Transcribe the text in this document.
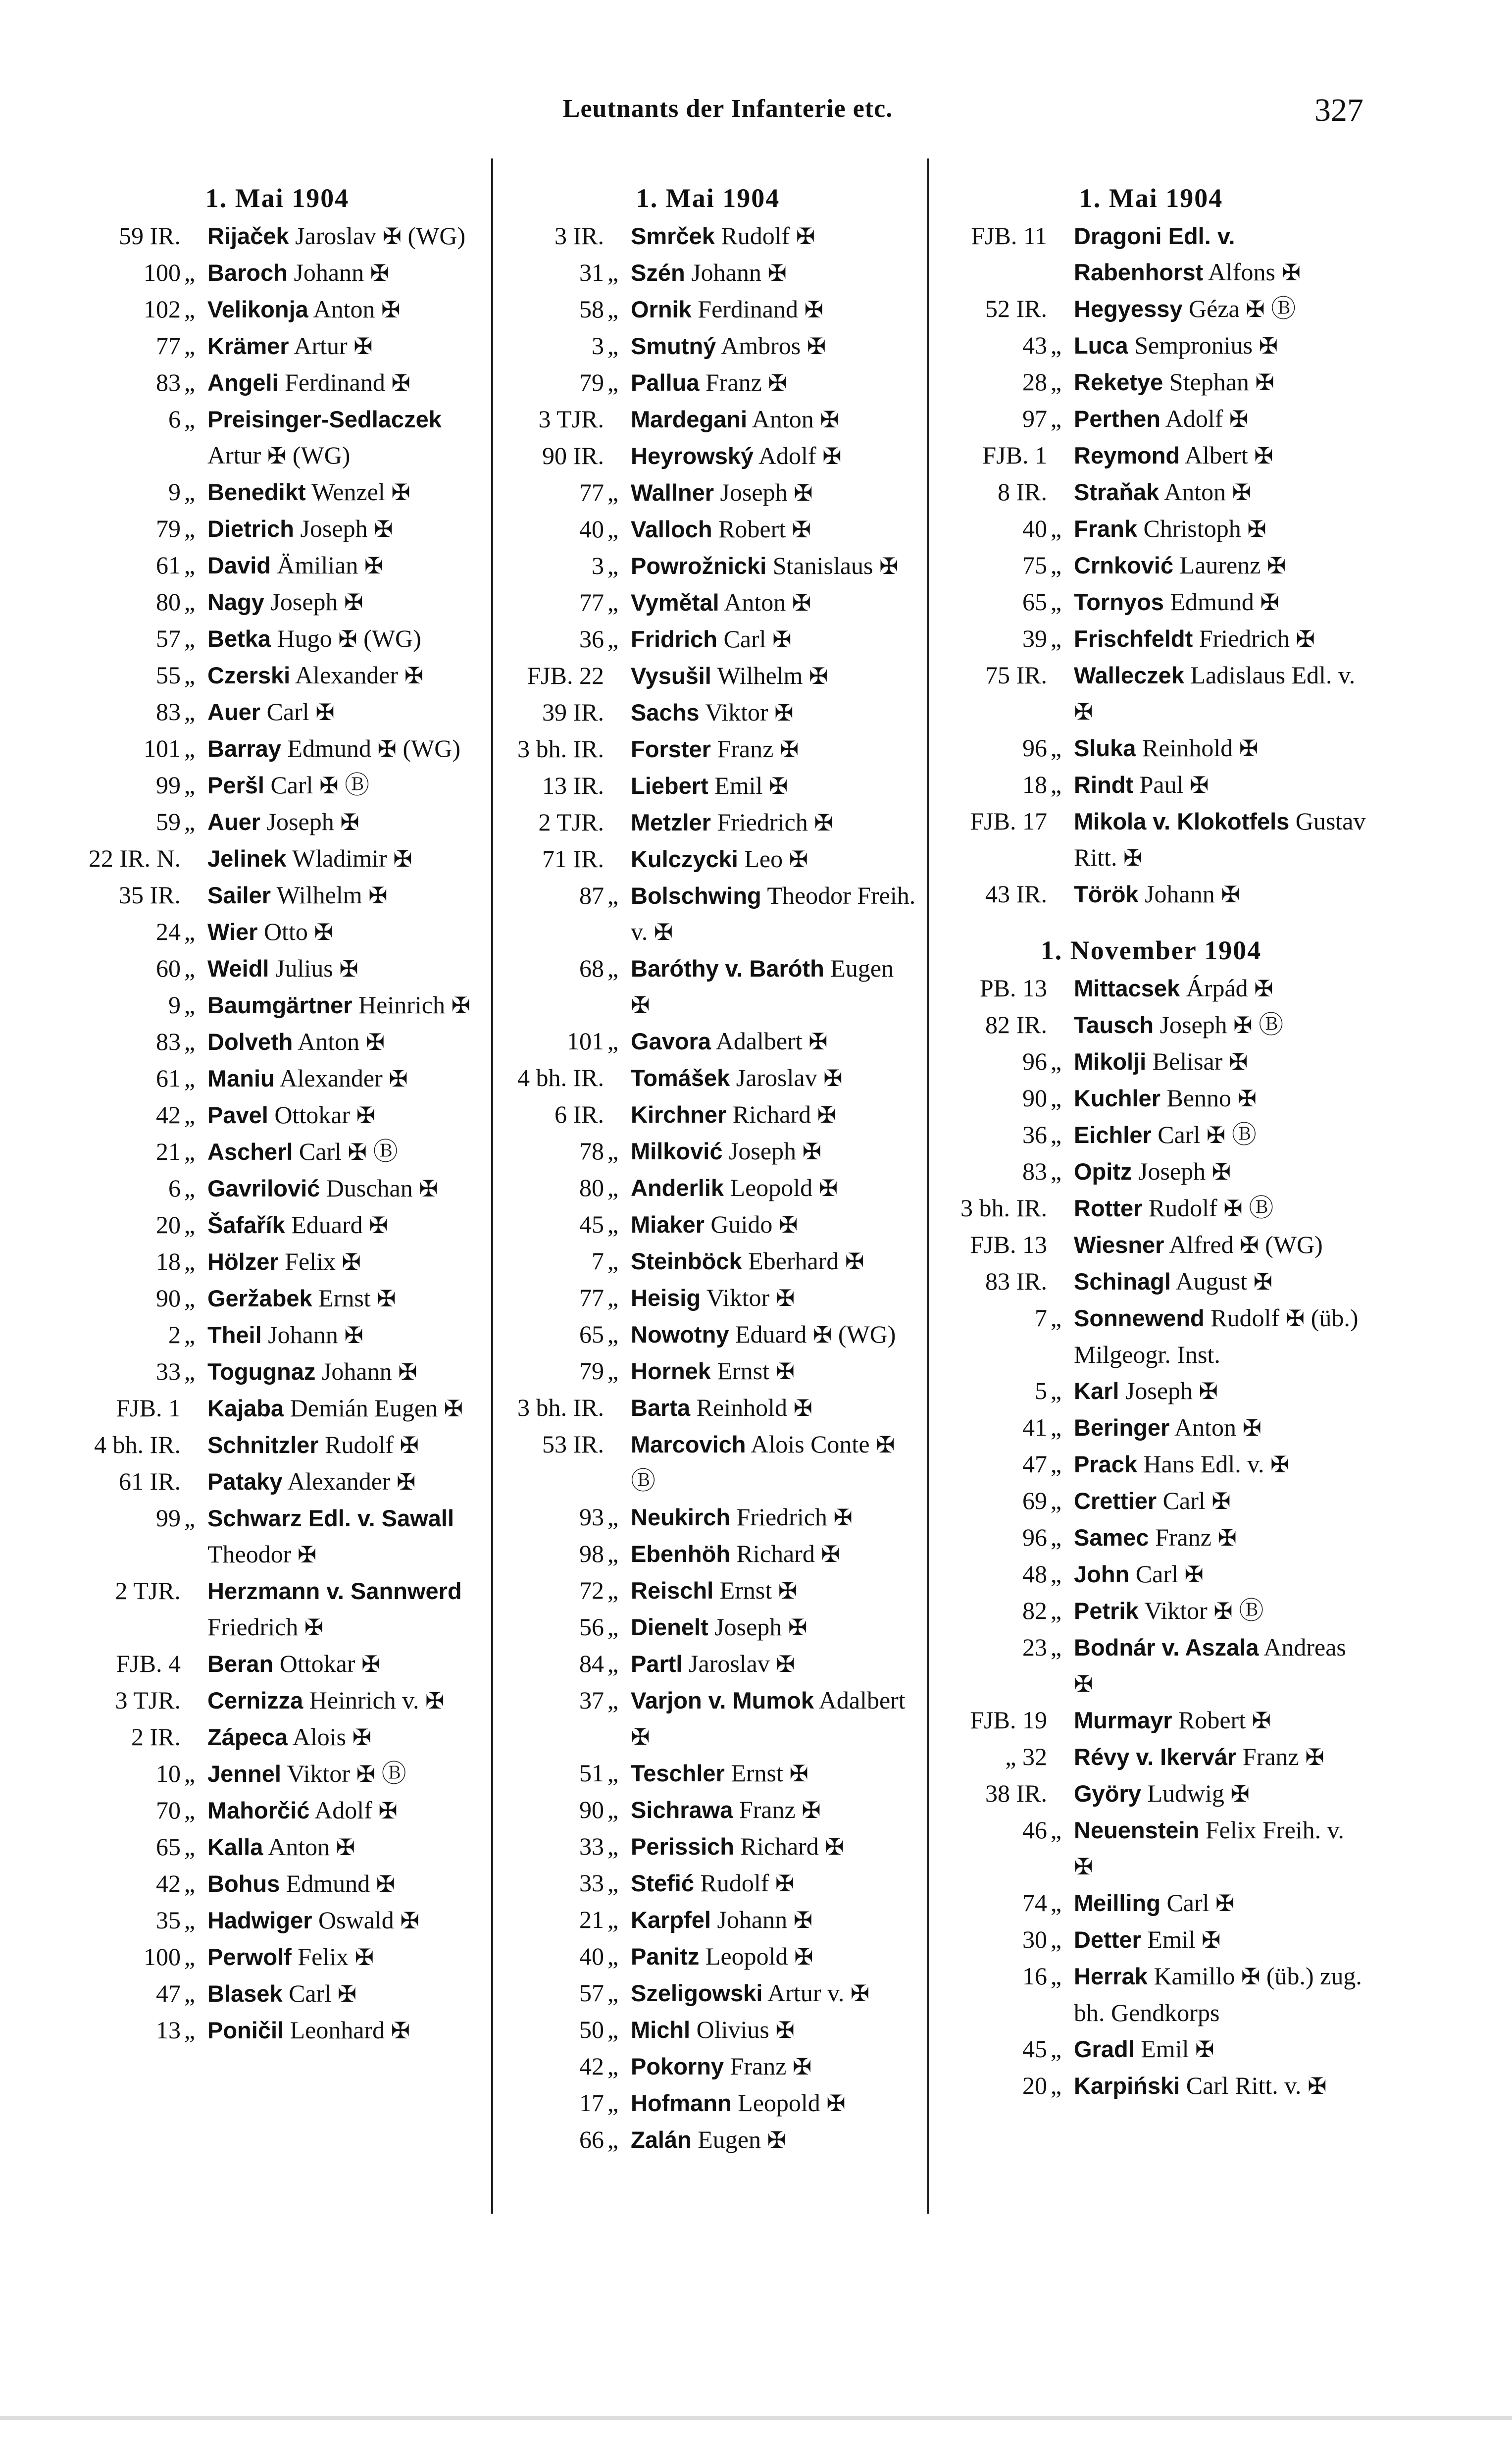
Leutnants der Infanterie etc.	327
1. Mai 1904
59 IR.	Rijaček Jaroslav ✠ (WG)
100 „ Baroch Johann ✠
102 „ Velikonja Anton ✠
77 „ Krämer Artur ✠
83 „ Angeli Ferdinand ✠
6 „ Preisinger-Sedlaczek Artur ✠ (WG)
9 „ Benedikt Wenzel ✠
79 „ Dietrich Joseph ✠
61 „ David Ämilian ✠
80 „ Nagy Joseph ✠
57 „ Betka Hugo ✠ (WG)
55 „ Czerski Alexander ✠
83 „ Auer Carl ✠
101 „ Barray Edmund ✠ (WG)
99 „ Peršl Carl ✠ Ⓑ
59 „ Auer Joseph ✠
22 IR. N.	Jelinek Wladimir ✠
35 IR.	Sailer Wilhelm ✠
24 „ Wier Otto ✠
60 „ Weidl Julius ✠
9 „ Baumgärtner Heinrich ✠
83 „ Dolveth Anton ✠
61 „ Maniu Alexander ✠
42 „ Pavel Ottokar ✠
21 „ Ascherl Carl ✠ Ⓑ
6 „ Gavrilović Duschan ✠
20 „ Šafařík Eduard ✠
18 „ Hölzer Felix ✠
90 „ Geržabek Ernst ✠
2 „ Theil Johann ✠
33 „ Togugnaz Johann ✠
FJB. 1	Kajaba Demián Eugen ✠
4 bh. IR.	Schnitzler Rudolf ✠
61 IR.	Pataky Alexander ✠
99 „ Schwarz Edl. v. Sawall Theodor ✠
2 TJR.	Herzmann v. Sannwerd Friedrich ✠
FJB. 4	Beran Ottokar ✠
3 TJR.	Cernizza Heinrich v. ✠
2 IR.	Zápeca Alois ✠
10 „ Jennel Viktor ✠ Ⓑ
70 „ Mahorčić Adolf ✠
65 „ Kalla Anton ✠
42 „ Bohus Edmund ✠
35 „ Hadwiger Oswald ✠
100 „ Perwolf Felix ✠
47 „ Blasek Carl ✠
13 „ Poničil Leonhard ✠
1. Mai 1904
3 IR.	Smrček Rudolf ✠
31 „ Szén Johann ✠
58 „ Ornik Ferdinand ✠
3 „ Smutný Ambros ✠
79 „ Pallua Franz ✠
3 TJR.	Mardegani Anton ✠
90 IR.	Heyrowský Adolf ✠
77 „ Wallner Joseph ✠
40 „ Valloch Robert ✠
3 „ Powrožnicki Stanislaus ✠
77 „ Vymětal Anton ✠
36 „ Fridrich Carl ✠
FJB. 22	Vysušil Wilhelm ✠
39 IR.	Sachs Viktor ✠
3 bh. IR.	Forster Franz ✠
13 IR.	Liebert Emil ✠
2 TJR.	Metzler Friedrich ✠
71 IR.	Kulczycki Leo ✠
87 „ Bolschwing Theodor Freih. v. ✠
68 „ Baróthy v. Baróth Eugen ✠
101 „ Gavora Adalbert ✠
4 bh. IR.	Tomášek Jaroslav ✠
6 IR.	Kirchner Richard ✠
78 „ Milković Joseph ✠
80 „ Anderlik Leopold ✠
45 „ Miaker Guido ✠
7 „ Steinböck Eberhard ✠
77 „ Heisig Viktor ✠
65 „ Nowotny Eduard ✠ (WG)
79 „ Hornek Ernst ✠
3 bh. IR.	Barta Reinhold ✠
53 IR.	Marcovich Alois Conte ✠ Ⓑ
93 „ Neukirch Friedrich ✠
98 „ Ebenhöh Richard ✠
72 „ Reischl Ernst ✠
56 „ Dienelt Joseph ✠
84 „ Partl Jaroslav ✠
37 „ Varjon v. Mumok Adalbert ✠
51 „ Teschler Ernst ✠
90 „ Sichrawa Franz ✠
33 „ Perissich Richard ✠
33 „ Stefić Rudolf ✠
21 „ Karpfel Johann ✠
40 „ Panitz Leopold ✠
57 „ Szeligowski Artur v. ✠
50 „ Michl Olivius ✠
42 „ Pokorny Franz ✠
17 „ Hofmann Leopold ✠
66 „ Zalán Eugen ✠
1. Mai 1904
FJB. 11	Dragoni Edl. v. Rabenhorst Alfons ✠
52 IR.	Hegyessy Géza ✠ Ⓑ
43 „ Luca Sempronius ✠
28 „ Reketye Stephan ✠
97 „ Perthen Adolf ✠
FJB. 1	Reymond Albert ✠
8 IR.	Straňak Anton ✠
40 „ Frank Christoph ✠
75 „ Crnković Laurenz ✠
65 „ Tornyos Edmund ✠
39 „ Frischfeldt Friedrich ✠
75 IR.	Walleczek Ladislaus Edl. v. ✠
96 „ Sluka Reinhold ✠
18 „ Rindt Paul ✠
FJB. 17	Mikola v. Klokotfels Gustav Ritt. ✠
43 IR.	Török Johann ✠
1. November 1904
PB. 13	Mittacsek Árpád ✠
82 IR.	Tausch Joseph ✠ Ⓑ
96 „ Mikolji Belisar ✠
90 „ Kuchler Benno ✠
36 „ Eichler Carl ✠ Ⓑ
83 „ Opitz Joseph ✠
3 bh. IR.	Rotter Rudolf ✠ Ⓑ
FJB. 13	Wiesner Alfred ✠ (WG)
83 IR.	Schinagl August ✠
7 „ Sonnewend Rudolf ✠ (üb.) Milgeogr. Inst.
5 „ Karl Joseph ✠
41 „ Beringer Anton ✠
47 „ Prack Hans Edl. v. ✠
69 „ Crettier Carl ✠
96 „ Samec Franz ✠
48 „ John Carl ✠
82 „ Petrik Viktor ✠ Ⓑ
23 „ Bodnár v. Aszala Andreas ✠
FJB. 19	Murmayr Robert ✠
„ 32	Révy v. Ikervár Franz ✠
38 IR.	Györy Ludwig ✠
46 „ Neuenstein Felix Freih. v. ✠
74 „ Meilling Carl ✠
30 „ Detter Emil ✠
16 „ Herrak Kamillo ✠ (üb.) zug. bh. Gendkorps
45 „ Gradl Emil ✠
20 „ Karpiński Carl Ritt. v. ✠
